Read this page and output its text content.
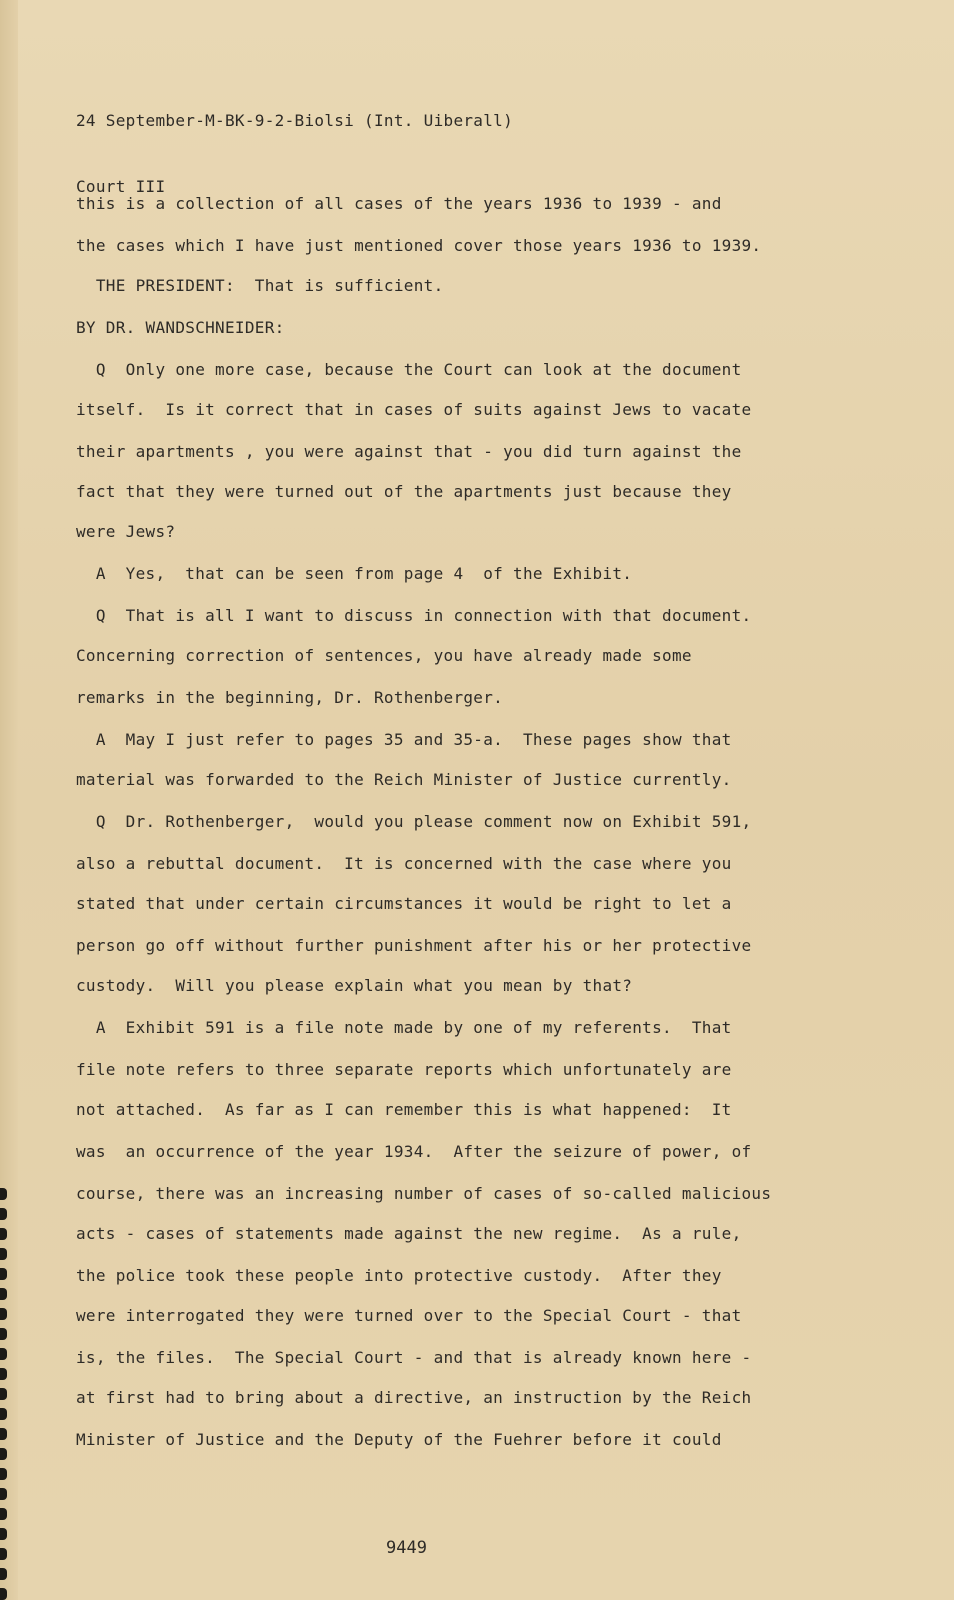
24 September-M-BK-9-2-Biolsi (Int. Uiberall)

Court III

this is a collection of all cases of the years 1936 to 1939 - and
the cases which I have just mentioned cover those years 1936 to 1939.
THE PRESIDENT:  That is sufficient.
BY DR. WANDSCHNEIDER:
Q  Only one more case, because the Court can look at the document
itself.  Is it correct that in cases of suits against Jews to vacate
their apartments , you were against that - you did turn against the
fact that they were turned out of the apartments just because they
were Jews?
A  Yes,  that can be seen from page 4  of the Exhibit.
Q  That is all I want to discuss in connection with that document.
Concerning correction of sentences, you have already made some
remarks in the beginning, Dr. Rothenberger.
A  May I just refer to pages 35 and 35-a.  These pages show that
material was forwarded to the Reich Minister of Justice currently.
Q  Dr. Rothenberger,  would you please comment now on Exhibit 591,
also a rebuttal document.  It is concerned with the case where you
stated that under certain circumstances it would be right to let a
person go off without further punishment after his or her protective
custody.  Will you please explain what you mean by that?
A  Exhibit 591 is a file note made by one of my referents.  That
file note refers to three separate reports which unfortunately are
not attached.  As far as I can remember this is what happened:  It
was  an occurrence of the year 1934.  After the seizure of power, of
course, there was an increasing number of cases of so-called malicious
acts - cases of statements made against the new regime.  As a rule,
the police took these people into protective custody.  After they
were interrogated they were turned over to the Special Court - that
is, the files.  The Special Court - and that is already known here -
at first had to bring about a directive, an instruction by the Reich
Minister of Justice and the Deputy of the Fuehrer before it could
9449
